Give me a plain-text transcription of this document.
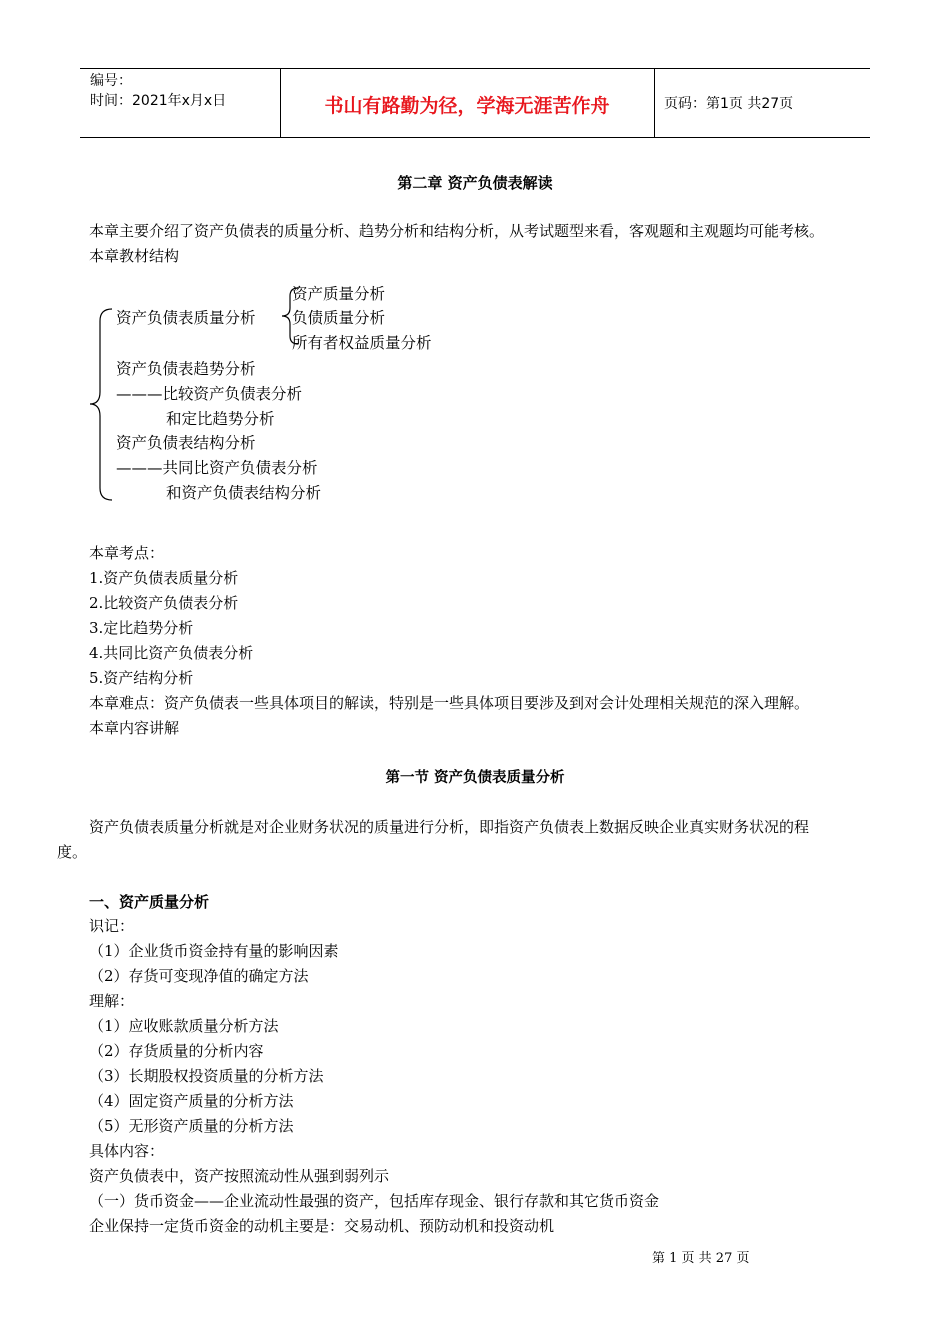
编号：
时间：2021年x月x日	书山有路勤为径，学海无涯苦作舟	页码：第1页 共27页
第二章 资产负债表解读
本章主要介绍了资产负债表的质量分析、趋势分析和结构分析，从考试题型来看，客观题和主观题均可能考核。
本章教材结构
资产负债表质量分析
资产质量分析
负债质量分析
所有者权益质量分析
资产负债表趋势分析
———比较资产负债表分析
和定比趋势分析
资产负债表结构分析
———共同比资产负债表分析
和资产负债表结构分析
本章考点：
1.资产负债表质量分析
2.比较资产负债表分析
3.定比趋势分析
4.共同比资产负债表分析
5.资产结构分析
本章难点：资产负债表一些具体项目的解读，特别是一些具体项目要涉及到对会计处理相关规范的深入理解。
本章内容讲解
第一节 资产负债表质量分析
资产负债表质量分析就是对企业财务状况的质量进行分析，即指资产负债表上数据反映企业真实财务状况的程
度。
一、资产质量分析
识记：
（1）企业货币资金持有量的影响因素
（2）存货可变现净值的确定方法
理解：
（1）应收账款质量分析方法
（2）存货质量的分析内容
（3）长期股权投资质量的分析方法
（4）固定资产质量的分析方法
（5）无形资产质量的分析方法
具体内容：
资产负债表中，资产按照流动性从强到弱列示
（一）货币资金——企业流动性最强的资产，包括库存现金、银行存款和其它货币资金
企业保持一定货币资金的动机主要是：交易动机、预防动机和投资动机
第 1 页 共 27 页
